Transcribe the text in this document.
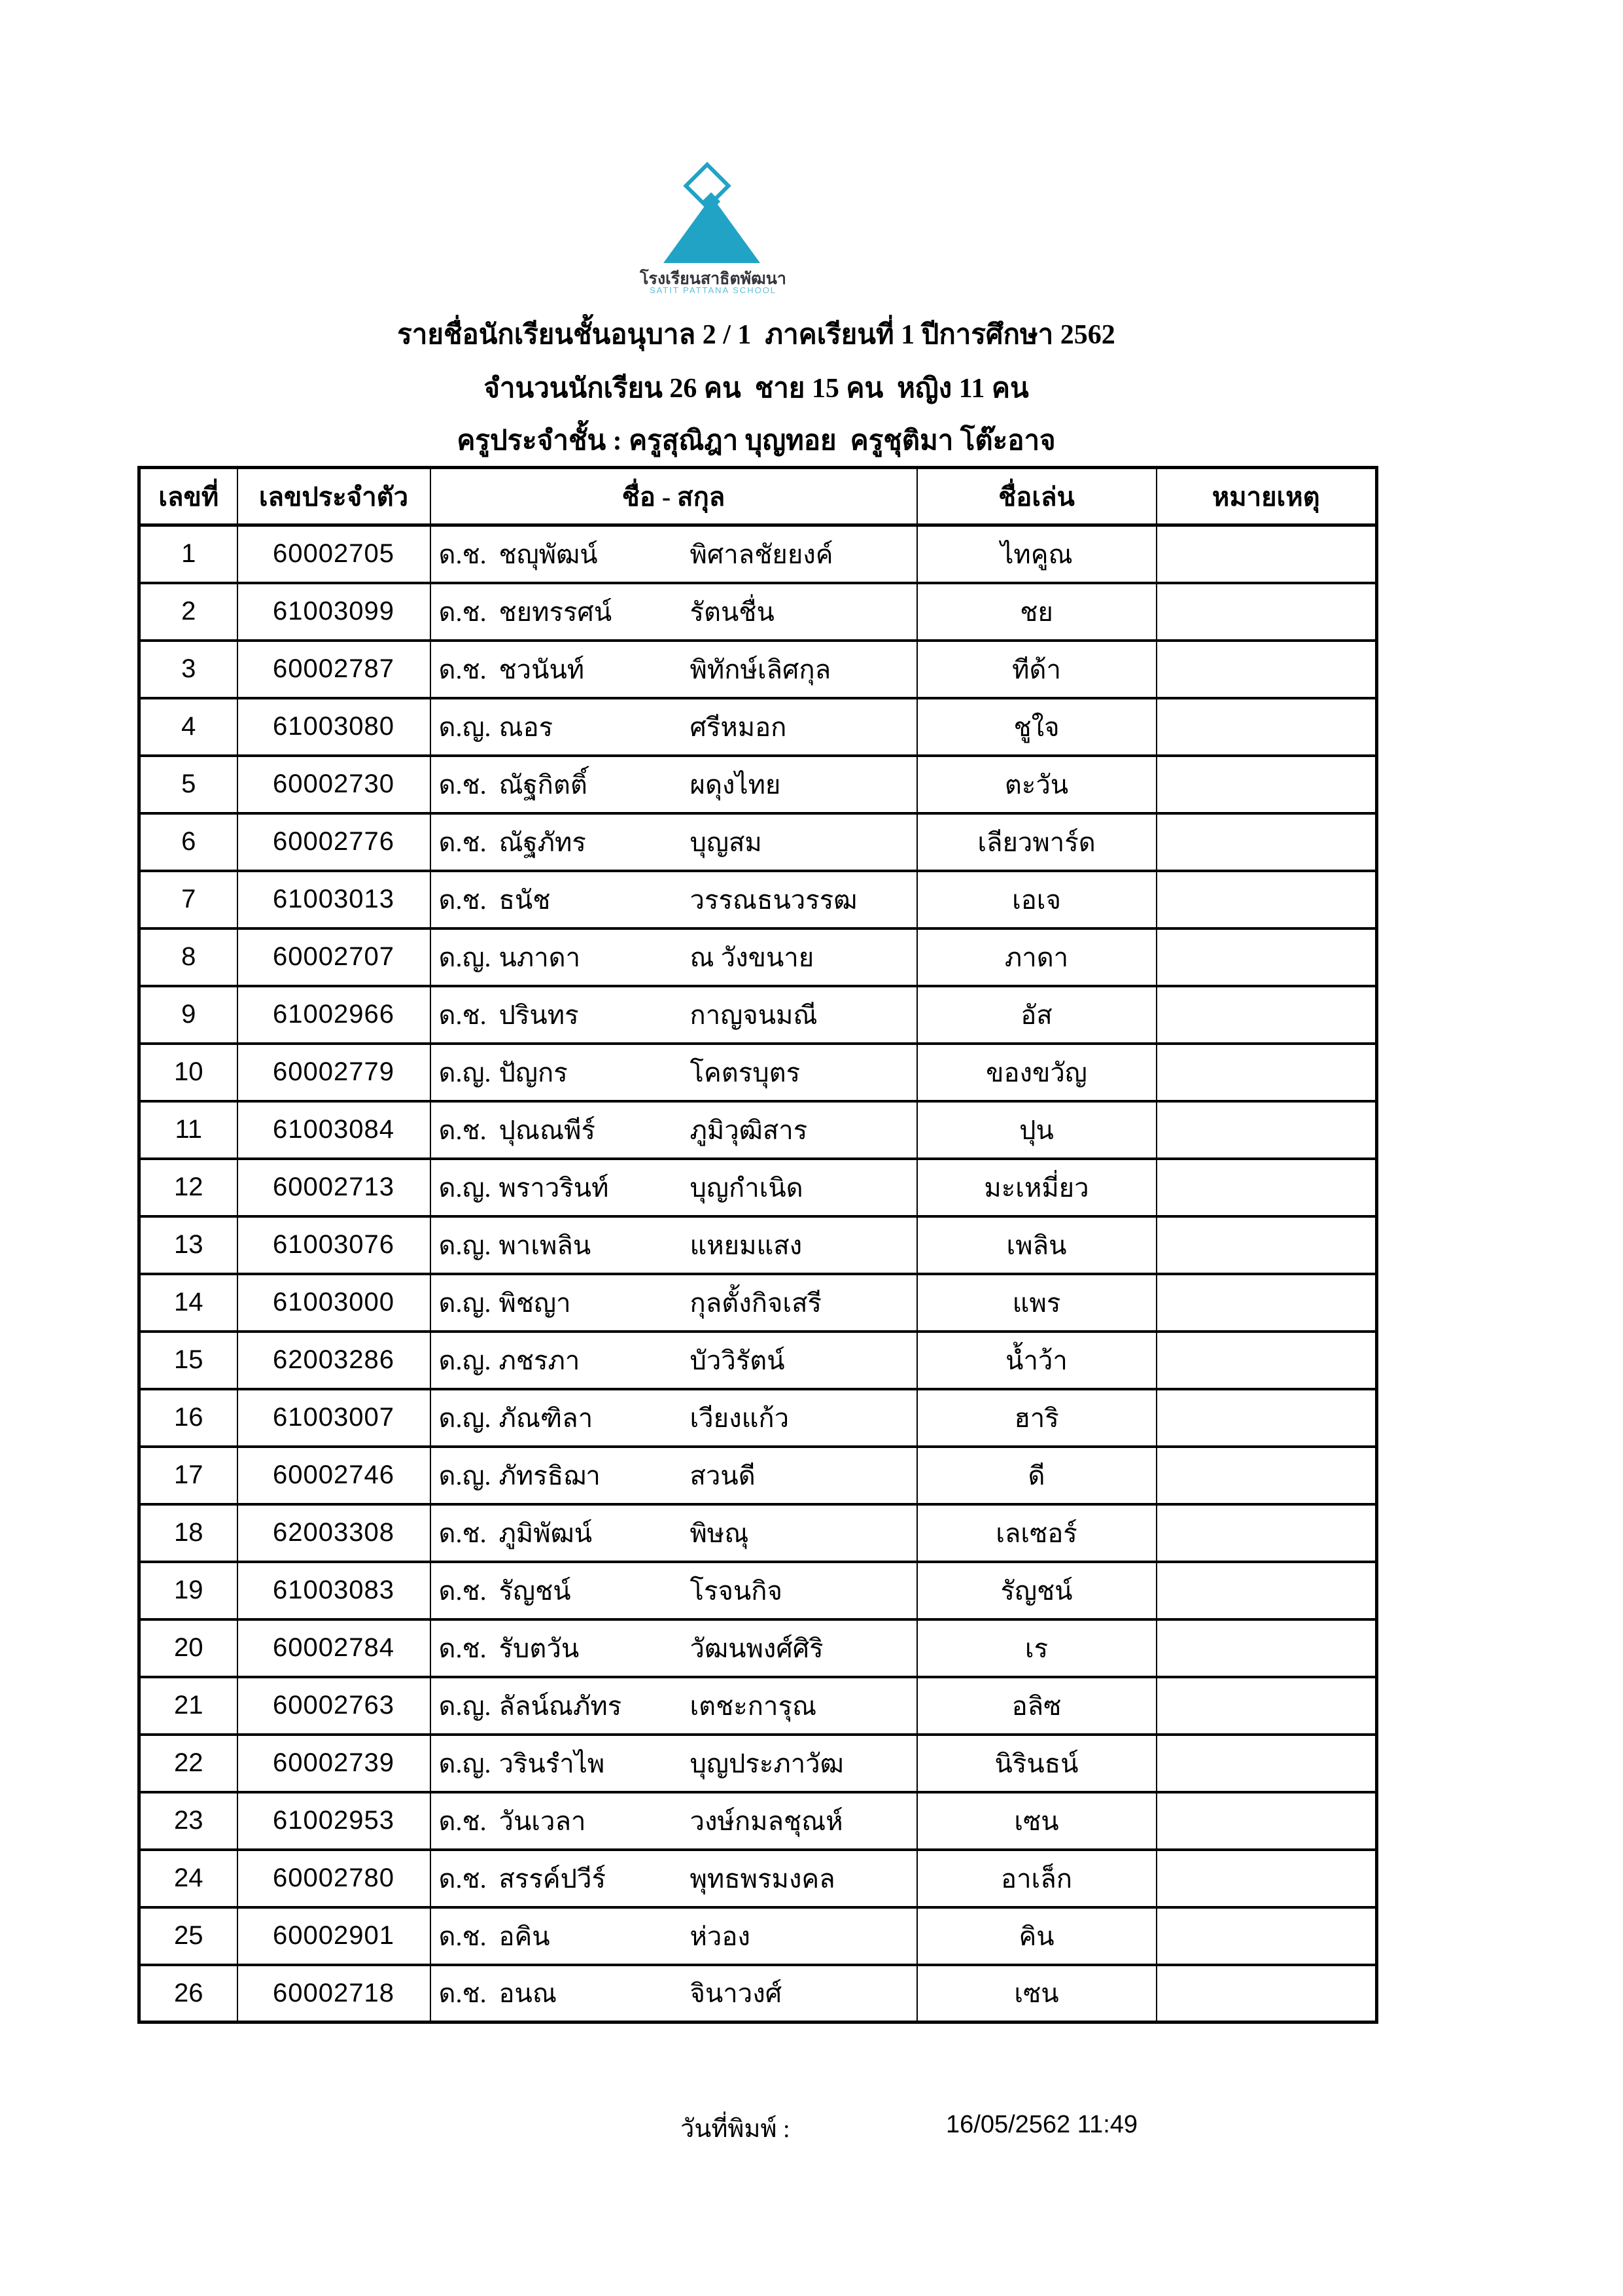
โรงเรียนสาธิตพัฒนา
SATIT PATTANA SCHOOL
รายชื่อนักเรียนชั้นอนุบาล 2 / 1  ภาคเรียนที่ 1 ปีการศึกษา 2562
จำนวนนักเรียน 26 คน  ชาย 15 คน  หญิง 11 คน
ครูประจำชั้น : ครูสุณิฎา บุญทอย  ครูชุติมา โต๊ะอาจ
เลขที่	เลขประจำตัว	ชื่อ - สกุล	ชื่อเล่น	หมายเหตุ
1	60002705	ด.ช. ชญุพัฒน์ พิศาลชัยยงค์	ไทคูณ	
2	61003099	ด.ช. ชยทรรศน์ รัตนชื่น	ชย	
3	60002787	ด.ช. ชวนันท์ พิทักษ์เลิศกุล	ทีด้า	
4	61003080	ด.ญ. ณอร ศรีหมอก	ชูใจ	
5	60002730	ด.ช. ณัฐกิตติ์ ผดุงไทย	ตะวัน	
6	60002776	ด.ช. ณัฐภัทร บุญสม	เลียวพาร์ด	
7	61003013	ด.ช. ธนัช วรรณธนวรรฒ	เอเจ	
8	60002707	ด.ญ. นภาดา ณ วังขนาย	ภาดา	
9	61002966	ด.ช. ปรินทร กาญจนมณี	อัส	
10	60002779	ด.ญ. ปัญกร โคตรบุตร	ของขวัญ	
11	61003084	ด.ช. ปุณณพีร์ ภูมิวุฒิสาร	ปุน	
12	60002713	ด.ญ. พราวรินท์ บุญกำเนิด	มะเหมี่ยว	
13	61003076	ด.ญ. พาเพลิน แหยมแสง	เพลิน	
14	61003000	ด.ญ. พิชญา กุลตั้งกิจเสรี	แพร	
15	62003286	ด.ญ. ภชรภา บัววิรัตน์	น้ำว้า	
16	61003007	ด.ญ. ภัณฑิลา เวียงแก้ว	ฮาริ	
17	60002746	ด.ญ. ภัทรธิฌา สวนดี	ดี	
18	62003308	ด.ช. ภูมิพัฒน์ พิษณุ	เลเซอร์	
19	61003083	ด.ช. รัญชน์ โรจนกิจ	รัญชน์	
20	60002784	ด.ช. รับตวัน วัฒนพงศ์ศิริ	เร	
21	60002763	ด.ญ. ลัลน์ณภัทร เตชะการุณ	อลิซ	
22	60002739	ด.ญ. วรินรำไพ บุญประภาวัฒ	นิรินธน์	
23	61002953	ด.ช. วันเวลา วงษ์กมลชุณห์	เซน	
24	60002780	ด.ช. สรรค์ปวีร์ พุทธพรมงคล	อาเล็ก	
25	60002901	ด.ช. อคิน ห่วอง	คิน	
26	60002718	ด.ช. อนณ จินาวงศ์	เซน	
วันที่พิมพ์ :	16/05/2562 11:49
